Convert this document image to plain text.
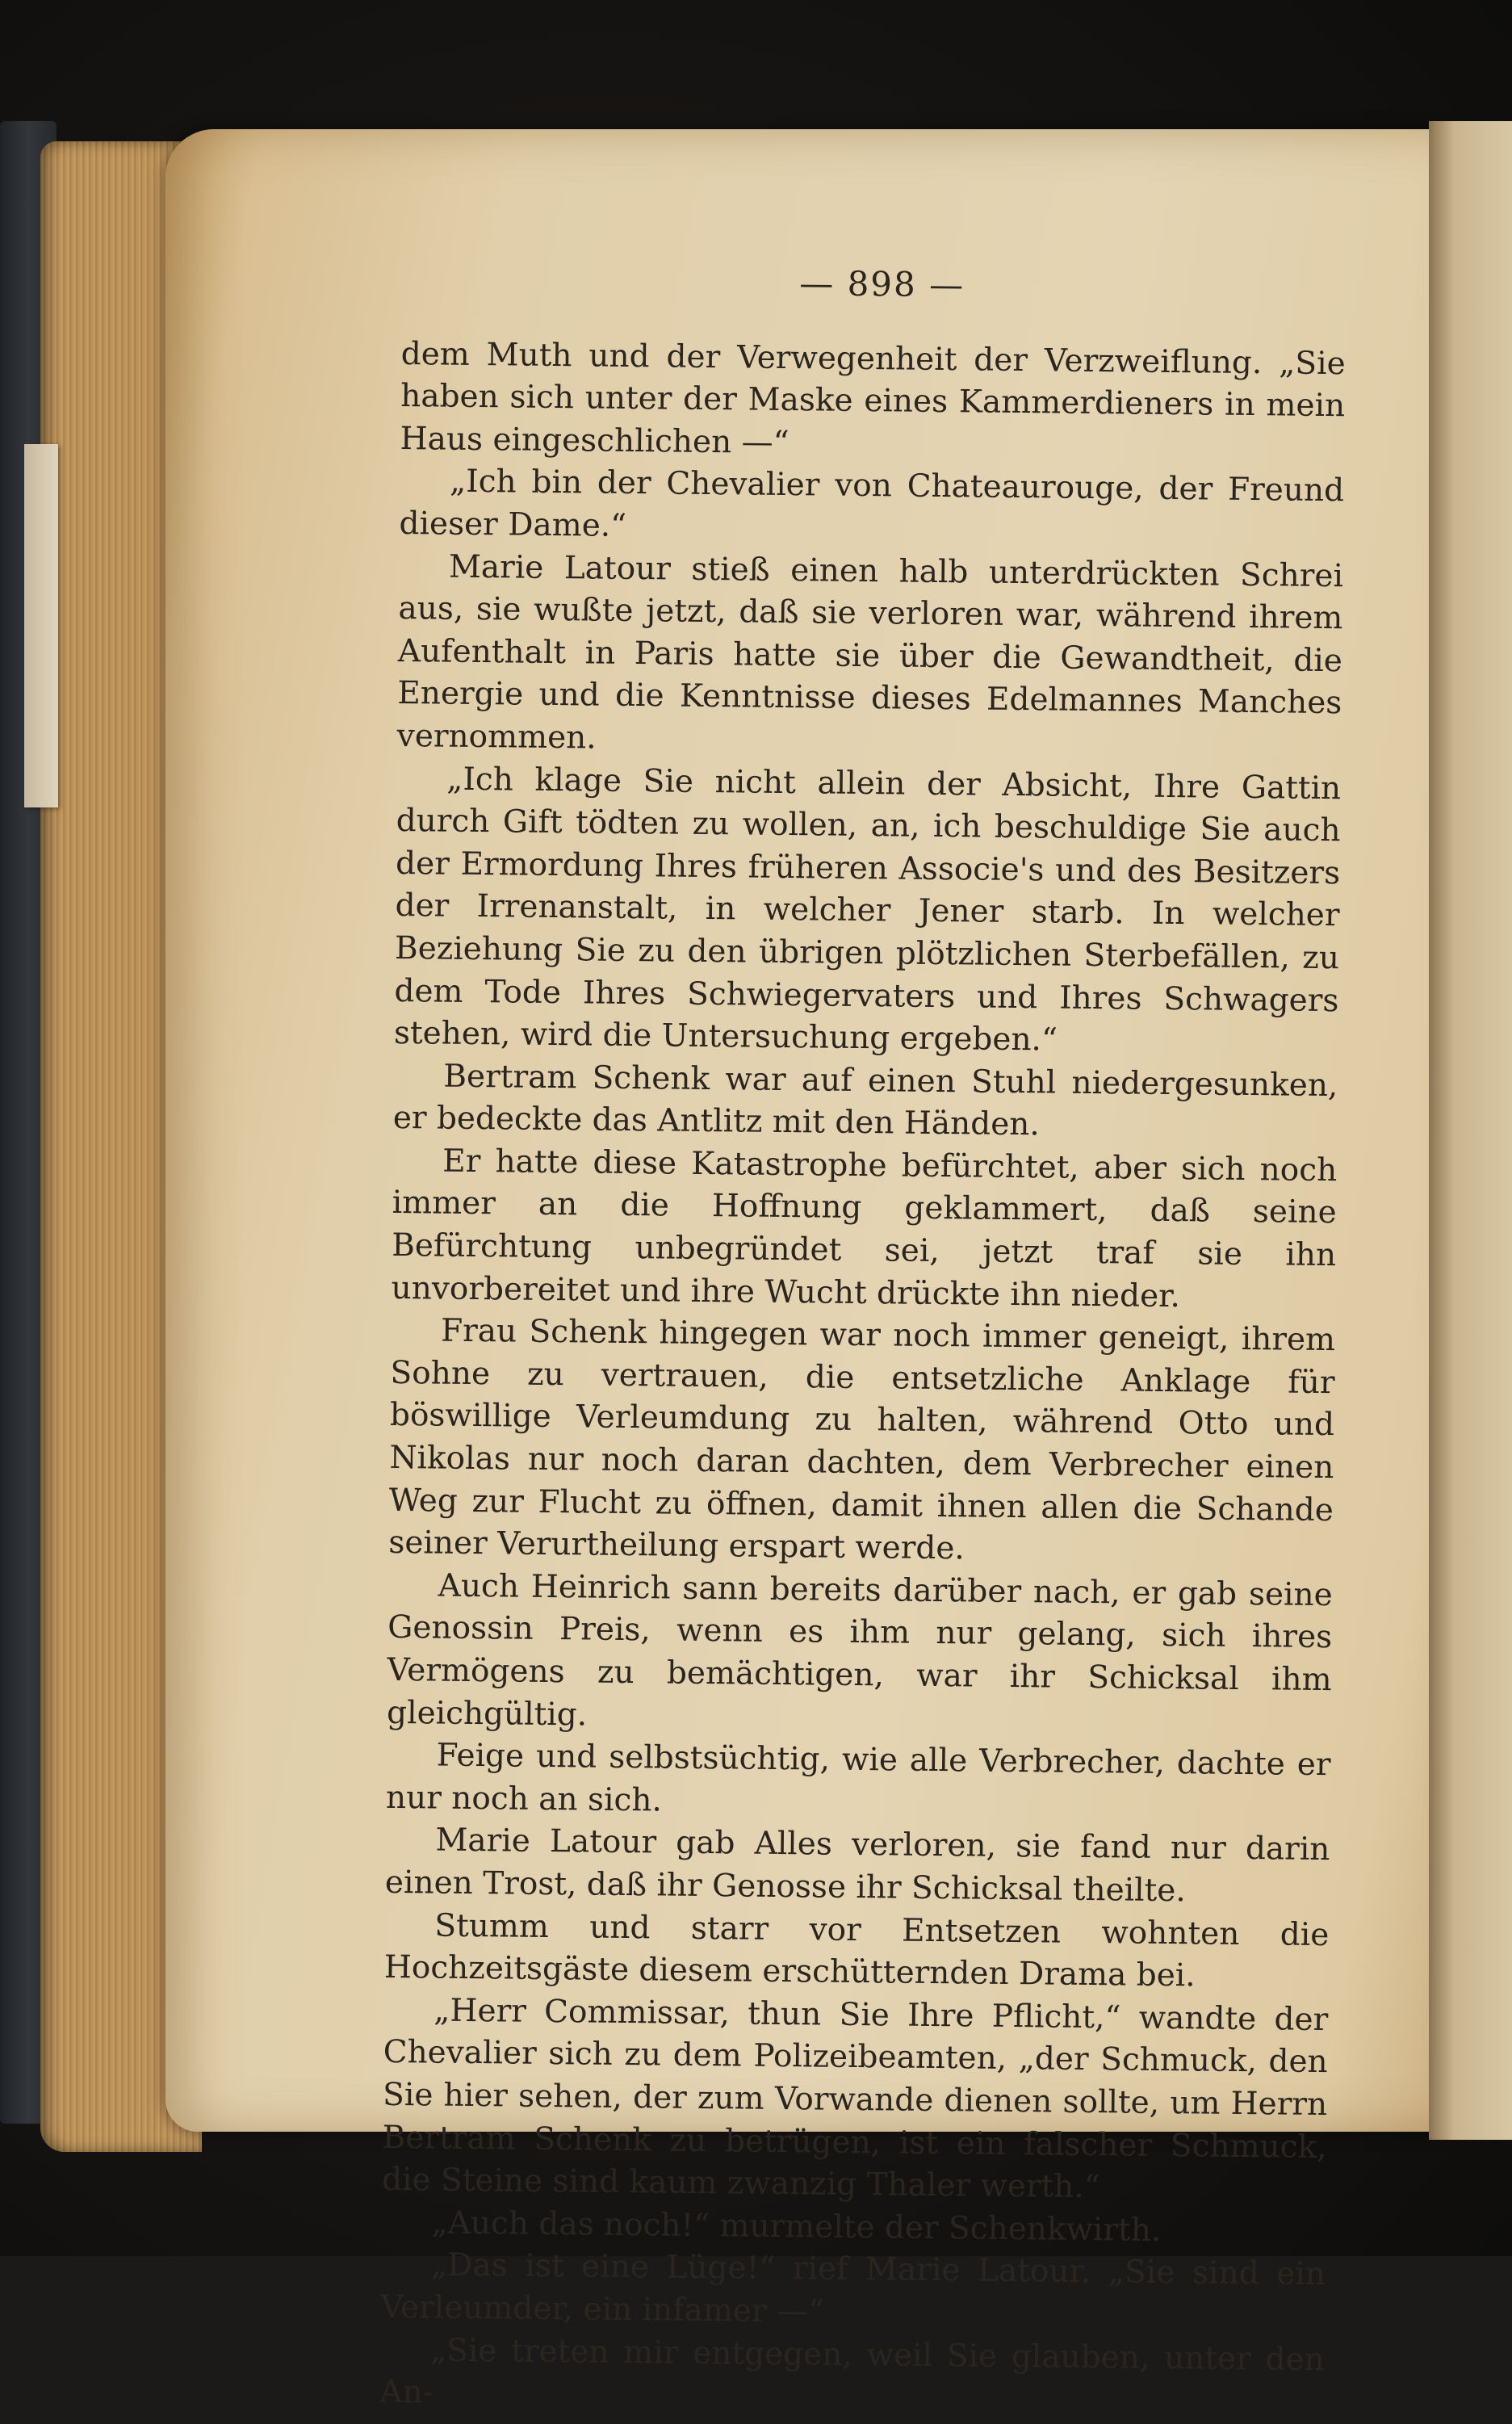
— 898 —

dem Muth und der Verwegenheit der Verzweiflung. „Sie haben sich unter der Maske eines Kammerdieners in mein Haus eingeschlichen —“

„Ich bin der Chevalier von Chateaurouge, der Freund dieser Dame.“

Marie Latour stieß einen halb unterdrückten Schrei aus, sie wußte jetzt, daß sie verloren war, während ihrem Aufenthalt in Paris hatte sie über die Gewandtheit, die Energie und die Kenntnisse dieses Edelmannes Manches vernommen.

„Ich klage Sie nicht allein der Absicht, Ihre Gattin durch Gift tödten zu wollen, an, ich beschuldige Sie auch der Ermordung Ihres früheren Associe's und des Besitzers der Irrenanstalt, in welcher Jener starb. In welcher Beziehung Sie zu den übrigen plötzlichen Sterbefällen, zu dem Tode Ihres Schwiegervaters und Ihres Schwagers stehen, wird die Untersuchung ergeben.“

Bertram Schenk war auf einen Stuhl niedergesunken, er bedeckte das Antlitz mit den Händen.

Er hatte diese Katastrophe befürchtet, aber sich noch immer an die Hoffnung geklammert, daß seine Befürchtung unbegründet sei, jetzt traf sie ihn unvorbereitet und ihre Wucht drückte ihn nieder.

Frau Schenk hingegen war noch immer geneigt, ihrem Sohne zu vertrauen, die entsetzliche Anklage für böswillige Verleumdung zu halten, während Otto und Nikolas nur noch daran dachten, dem Verbrecher einen Weg zur Flucht zu öffnen, damit ihnen allen die Schande seiner Verurtheilung erspart werde.

Auch Heinrich sann bereits darüber nach, er gab seine Genossin Preis, wenn es ihm nur gelang, sich ihres Vermögens zu bemächtigen, war ihr Schicksal ihm gleichgültig.

Feige und selbstsüchtig, wie alle Verbrecher, dachte er nur noch an sich.

Marie Latour gab Alles verloren, sie fand nur darin einen Trost, daß ihr Genosse ihr Schicksal theilte.

Stumm und starr vor Entsetzen wohnten die Hochzeitsgäste diesem erschütternden Drama bei.

„Herr Commissar, thun Sie Ihre Pflicht,“ wandte der Chevalier sich zu dem Polizeibeamten, „der Schmuck, den Sie hier sehen, der zum Vorwande dienen sollte, um Herrn Bertram Schenk zu betrügen, ist ein falscher Schmuck, die Steine sind kaum zwanzig Thaler werth.“

„Auch das noch!“ murmelte der Schenkwirth.

„Das ist eine Lüge!“ rief Marie Latour. „Sie sind ein Verleumder, ein infamer —“

„Sie treten mir entgegen, weil Sie glauben, unter den An-
